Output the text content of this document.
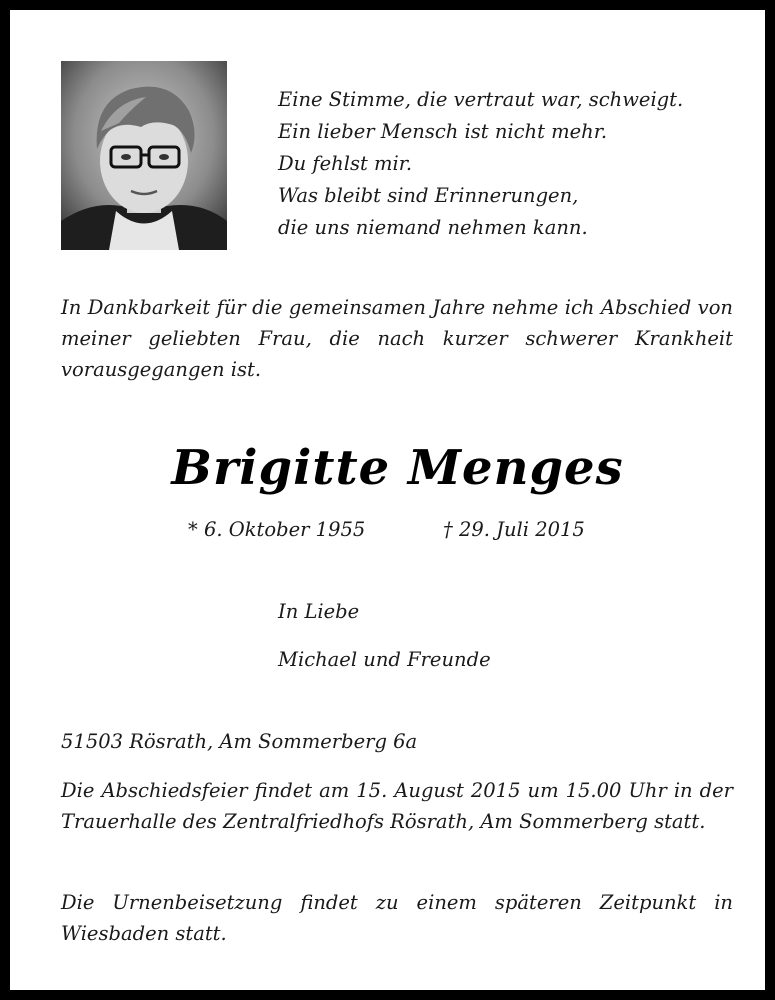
Eine Stimme, die vertraut war, schweigt.
Ein lieber Mensch ist nicht mehr.
Du fehlst mir.
Was bleibt sind Erinnerungen,
die uns niemand nehmen kann.
In Dankbarkeit für die gemeinsamen Jahre nehme ich Abschied von meiner geliebten Frau, die nach kurzer schwerer Krankheit vorausgegangen ist.
Brigitte Menges
* 6. Oktober 1955	† 29. Juli 2015
In Liebe
Michael und Freunde
51503 Rösrath, Am Sommerberg 6a
Die Abschiedsfeier findet am 15. August 2015 um 15.00 Uhr in der Trauerhalle des Zentralfriedhofs Rösrath, Am Sommerberg statt.
Die Urnenbeisetzung findet zu einem späteren Zeitpunkt in Wiesbaden statt.
